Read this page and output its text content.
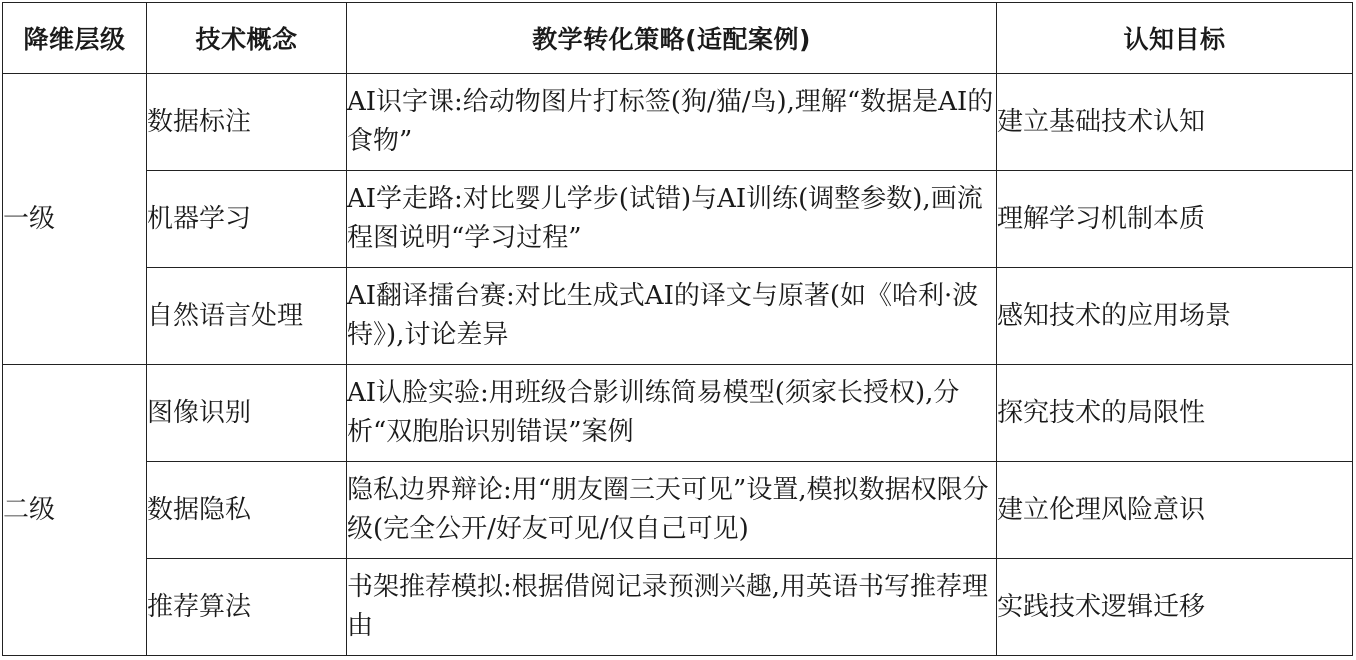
降维层级	技术概念	教学转化策略(适配案例)	认知目标
一级	数据标注	AI识字课:给动物图片打标签(狗/猫/鸟),理解“数据是AI的食物”	建立基础技术认知
	机器学习	AI学走路:对比婴儿学步(试错)与AI训练(调整参数),画流程图说明“学习过程”	理解学习机制本质
	自然语言处理	AI翻译擂台赛:对比生成式AI的译文与原著(如《哈利·波特》),讨论差异	感知技术的应用场景
二级	图像识别	AI认脸实验:用班级合影训练简易模型(须家长授权),分析“双胞胎识别错误”案例	探究技术的局限性
	数据隐私	隐私边界辩论:用“朋友圈三天可见”设置,模拟数据权限分级(完全公开/好友可见/仅自己可见)	建立伦理风险意识
	推荐算法	书架推荐模拟:根据借阅记录预测兴趣,用英语书写推荐理由	实践技术逻辑迁移
